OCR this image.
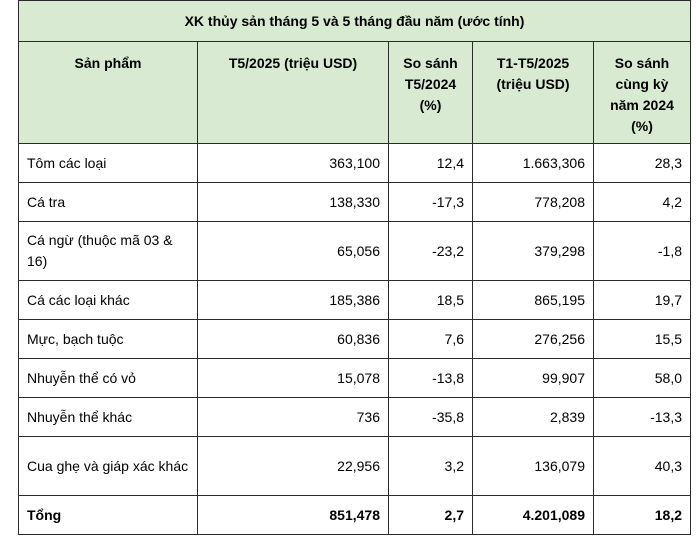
XK thủy sản tháng 5 và 5 tháng đầu năm (ước tính)				
Sản phẩm	T5/2025 (triệu USD)	So sánh T5/2024 (%)	T1-T5/2025 (triệu USD)	So sánh cùng kỳ năm 2024 (%)
Tôm các loại	363,100	12,4	1.663,306	28,3
Cá tra	138,330	-17,3	778,208	4,2
Cá ngừ (thuộc mã 03 & 16)	65,056	-23,2	379,298	-1,8
Cá các loại khác	185,386	18,5	865,195	19,7
Mực, bạch tuộc	60,836	7,6	276,256	15,5
Nhuyễn thể có vỏ	15,078	-13,8	99,907	58,0
Nhuyễn thể khác	736	-35,8	2,839	-13,3
Cua ghẹ và giáp xác khác	22,956	3,2	136,079	40,3
Tổng	851,478	2,7	4.201,089	18,2
